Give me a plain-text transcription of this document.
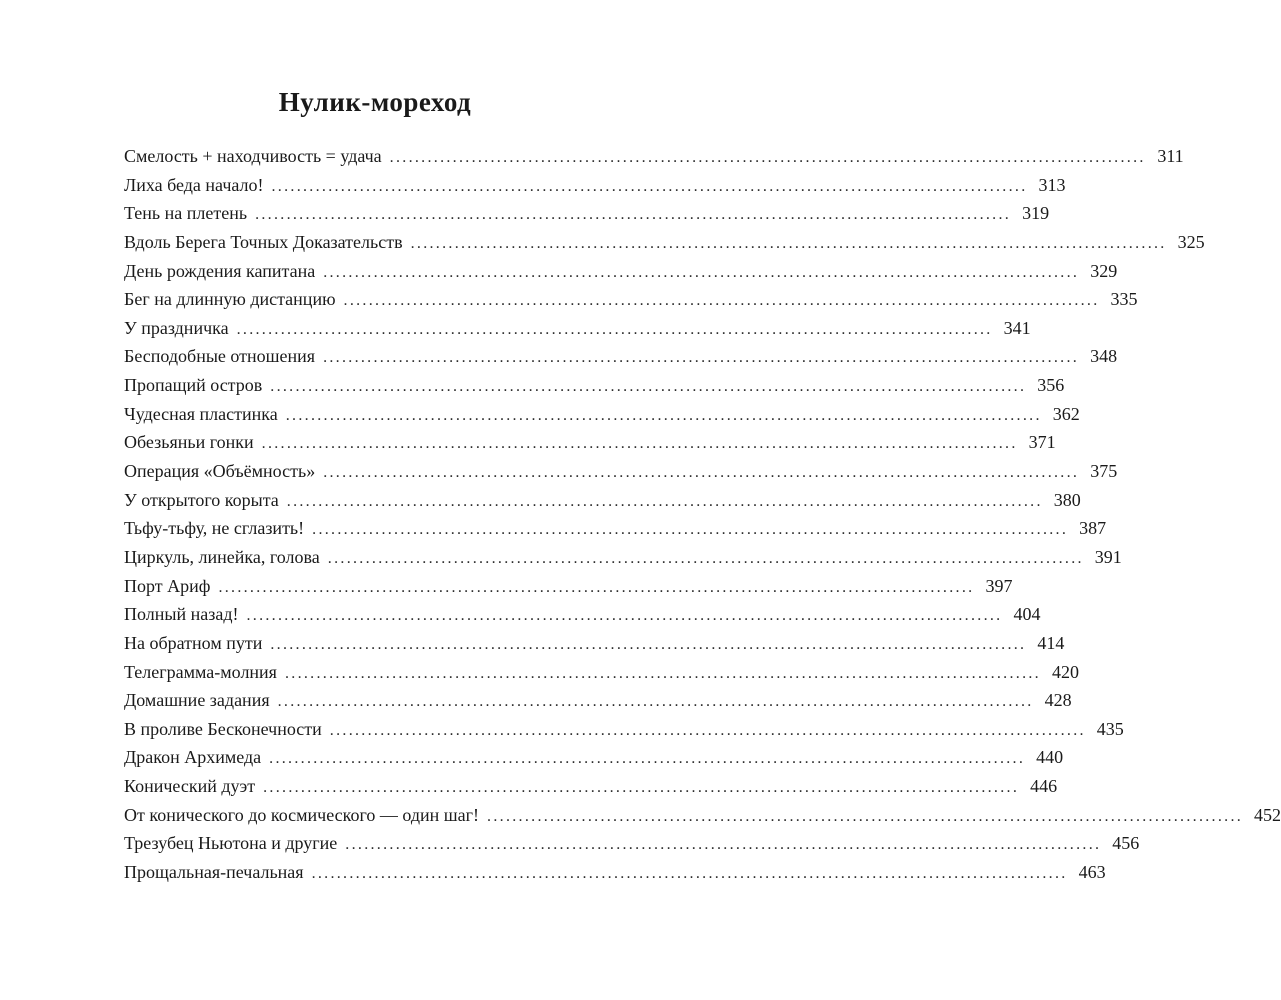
Нулик-мореход
Смелость + находчивость = удача ........................................................................................................................ 311
Лиха беда начало! ........................................................................................................................ 313
Тень на плетень ........................................................................................................................ 319
Вдоль Берега Точных Доказательств ........................................................................................................................ 325
День рождения капитана ........................................................................................................................ 329
Бег на длинную дистанцию ........................................................................................................................ 335
У праздничка ........................................................................................................................ 341
Бесподобные отношения ........................................................................................................................ 348
Пропащий остров ........................................................................................................................ 356
Чудесная пластинка ........................................................................................................................ 362
Обезьяньи гонки ........................................................................................................................ 371
Операция «Объёмность» ........................................................................................................................ 375
У открытого корыта ........................................................................................................................ 380
Тьфу-тьфу, не сглазить! ........................................................................................................................ 387
Циркуль, линейка, голова ........................................................................................................................ 391
Порт Ариф ........................................................................................................................ 397
Полный назад! ........................................................................................................................ 404
На обратном пути ........................................................................................................................ 414
Телеграмма-молния ........................................................................................................................ 420
Домашние задания ........................................................................................................................ 428
В проливе Бесконечности ........................................................................................................................ 435
Дракон Архимеда ........................................................................................................................ 440
Конический дуэт ........................................................................................................................ 446
От конического до космического — один шаг! ........................................................................................................................ 452
Трезубец Ньютона и другие ........................................................................................................................ 456
Прощальная-печальная ........................................................................................................................ 463
